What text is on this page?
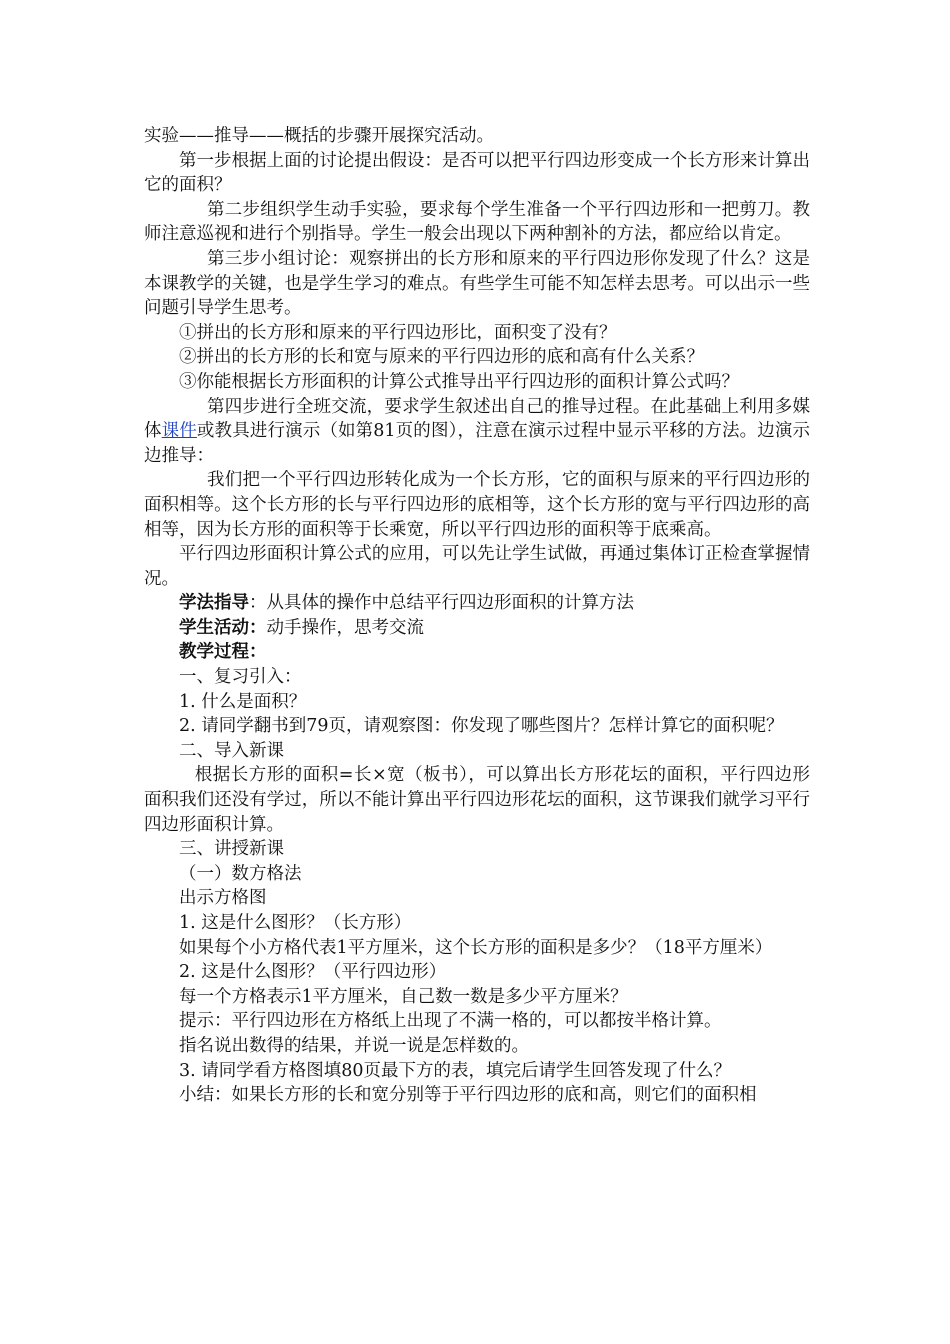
实验——推导——概括的步骤开展探究活动。

第一步根据上面的讨论提出假设：是否可以把平行四边形变成一个长方形来计算出它的面积？

第二步组织学生动手实验，要求每个学生准备一个平行四边形和一把剪刀。教师注意巡视和进行个别指导。学生一般会出现以下两种割补的方法，都应给以肯定。

第三步小组讨论：观察拼出的长方形和原来的平行四边形你发现了什么？这是本课教学的关键，也是学生学习的难点。有些学生可能不知怎样去思考。可以出示一些问题引导学生思考。

①拼出的长方形和原来的平行四边形比，面积变了没有？

②拼出的长方形的长和宽与原来的平行四边形的底和高有什么关系？

③你能根据长方形面积的计算公式推导出平行四边形的面积计算公式吗？

第四步进行全班交流，要求学生叙述出自己的推导过程。在此基础上利用多媒体课件或教具进行演示（如第81页的图），注意在演示过程中显示平移的方法。边演示边推导：

我们把一个平行四边形转化成为一个长方形，它的面积与原来的平行四边形的面积相等。这个长方形的长与平行四边形的底相等，这个长方形的宽与平行四边形的高相等，因为长方形的面积等于长乘宽，所以平行四边形的面积等于底乘高。

平行四边形面积计算公式的应用，可以先让学生试做，再通过集体订正检查掌握情况。

学法指导：从具体的操作中总结平行四边形面积的计算方法

学生活动：动手操作，思考交流

教学过程：

一、复习引入：

1. 什么是面积？

2. 请同学翻书到79页，请观察图：你发现了哪些图片？怎样计算它的面积呢？

二、导入新课

根据长方形的面积=长×宽（板书），可以算出长方形花坛的面积，平行四边形面积我们还没有学过，所以不能计算出平行四边形花坛的面积，这节课我们就学习平行四边形面积计算。

三、讲授新课

（一）数方格法

出示方格图

1. 这是什么图形？（长方形）

如果每个小方格代表1平方厘米，这个长方形的面积是多少？（18平方厘米）

2. 这是什么图形？（平行四边形）

每一个方格表示1平方厘米，自己数一数是多少平方厘米？

提示：平行四边形在方格纸上出现了不满一格的，可以都按半格计算。

指名说出数得的结果，并说一说是怎样数的。

3. 请同学看方格图填80页最下方的表，填完后请学生回答发现了什么？

小结：如果长方形的长和宽分别等于平行四边形的底和高，则它们的面积相
